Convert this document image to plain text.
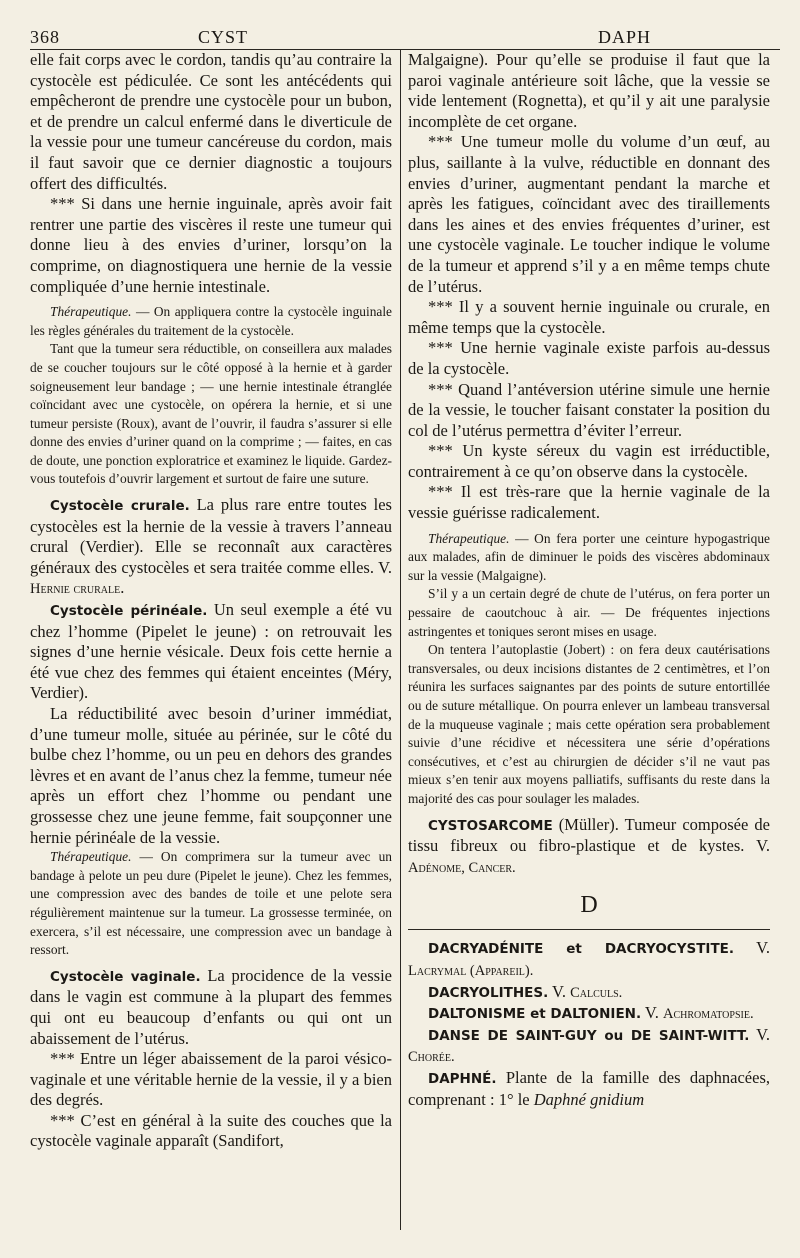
368	CYST	DAPH

elle fait corps avec le cordon, tandis qu’au contraire la cystocèle est pédiculée. Ce sont les antécédents qui empêcheront de prendre une cystocèle pour un bubon, et de prendre un calcul enfermé dans le diverticule de la vessie pour une tumeur cancéreuse du cordon, mais il faut savoir que ce dernier diagnostic a toujours offert des difficultés.

*** Si dans une hernie inguinale, après avoir fait rentrer une partie des viscères il reste une tumeur qui donne lieu à des envies d’uriner, lorsqu’on la comprime, on diagnostiquera une hernie de la vessie compliquée d’une hernie intestinale.

Thérapeutique. — On appliquera contre la cystocèle inguinale les règles générales du traitement de la cystocèle.

Tant que la tumeur sera réductible, on conseillera aux malades de se coucher toujours sur le côté opposé à la hernie et à garder soigneusement leur bandage ; — une hernie intestinale étranglée coïncidant avec une cystocèle, on opérera la hernie, et si une tumeur persiste (Roux), avant de l’ouvrir, il faudra s’assurer si elle donne des envies d’uriner quand on la comprime ; — faites, en cas de doute, une ponction exploratrice et examinez le liquide. Gardez-vous toutefois d’ouvrir largement et surtout de faire une suture.

Cystocèle crurale. La plus rare entre toutes les cystocèles est la hernie de la vessie à travers l’anneau crural (Verdier). Elle se reconnaît aux caractères généraux des cystocèles et sera traitée comme elles. V. Hernie crurale.

Cystocèle périnéale. Un seul exemple a été vu chez l’homme (Pipelet le jeune) : on retrouvait les signes d’une hernie vésicale. Deux fois cette hernie a été vue chez des femmes qui étaient enceintes (Méry, Verdier).

La réductibilité avec besoin d’uriner immédiat, d’une tumeur molle, située au périnée, sur le côté du bulbe chez l’homme, ou un peu en dehors des grandes lèvres et en avant de l’anus chez la femme, tumeur née après un effort chez l’homme ou pendant une grossesse chez une jeune femme, fait soupçonner une hernie périnéale de la vessie.

Thérapeutique. — On comprimera sur la tumeur avec un bandage à pelote un peu dure (Pipelet le jeune). Chez les femmes, une compression avec des bandes de toile et une pelote sera régulièrement maintenue sur la tumeur. La grossesse terminée, on exercera, s’il est nécessaire, une compression avec un bandage à ressort.

Cystocèle vaginale. La procidence de la vessie dans le vagin est commune à la plupart des femmes qui ont eu beaucoup d’enfants ou qui ont un abaissement de l’utérus.

*** Entre un léger abaissement de la paroi vésico-vaginale et une véritable hernie de la vessie, il y a bien des degrés.

*** C’est en général à la suite des couches que la cystocèle vaginale apparaît (Sandifort,

Malgaigne). Pour qu’elle se produise il faut que la paroi vaginale antérieure soit lâche, que la vessie se vide lentement (Rognetta), et qu’il y ait une paralysie incomplète de cet organe.

*** Une tumeur molle du volume d’un œuf, au plus, saillante à la vulve, réductible en donnant des envies d’uriner, augmentant pendant la marche et après les fatigues, coïncidant avec des tiraillements dans les aines et des envies fréquentes d’uriner, est une cystocèle vaginale. Le toucher indique le volume de la tumeur et apprend s’il y a en même temps chute de l’utérus.

*** Il y a souvent hernie inguinale ou crurale, en même temps que la cystocèle.

*** Une hernie vaginale existe parfois au-dessus de la cystocèle.

*** Quand l’antéversion utérine simule une hernie de la vessie, le toucher faisant constater la position du col de l’utérus permettra d’éviter l’erreur.

*** Un kyste séreux du vagin est irréductible, contrairement à ce qu’on observe dans la cystocèle.

*** Il est très-rare que la hernie vaginale de la vessie guérisse radicalement.

Thérapeutique. — On fera porter une ceinture hypogastrique aux malades, afin de diminuer le poids des viscères abdominaux sur la vessie (Malgaigne).

S’il y a un certain degré de chute de l’utérus, on fera porter un pessaire de caoutchouc à air. — De fréquentes injections astringentes et toniques seront mises en usage.

On tentera l’autoplastie (Jobert) : on fera deux cautérisations transversales, ou deux incisions distantes de 2 centimètres, et l’on réunira les surfaces saignantes par des points de suture entortillée ou de suture métallique. On pourra enlever un lambeau transversal de la muqueuse vaginale ; mais cette opération sera probablement suivie d’une récidive et nécessitera une série d’opérations consécutives, et c’est au chirurgien de décider s’il ne vaut pas mieux s’en tenir aux moyens palliatifs, suffisants du reste dans la majorité des cas pour soulager les malades.

CYSTOSARCOME (Müller). Tumeur composée de tissu fibreux ou fibro-plastique et de kystes. V. Adénome, Cancer.

D

DACRYADÉNITE et DACRYOCYSTITE. V. Lacrymal (Appareil).

DACRYOLITHES. V. Calculs.

DALTONISME et DALTONIEN. V. Achromatopsie.

DANSE DE SAINT-GUY ou DE SAINT-WITT. V. Chorée.

DAPHNÉ. Plante de la famille des daphnacées, comprenant : 1° le Daphné gnidium
